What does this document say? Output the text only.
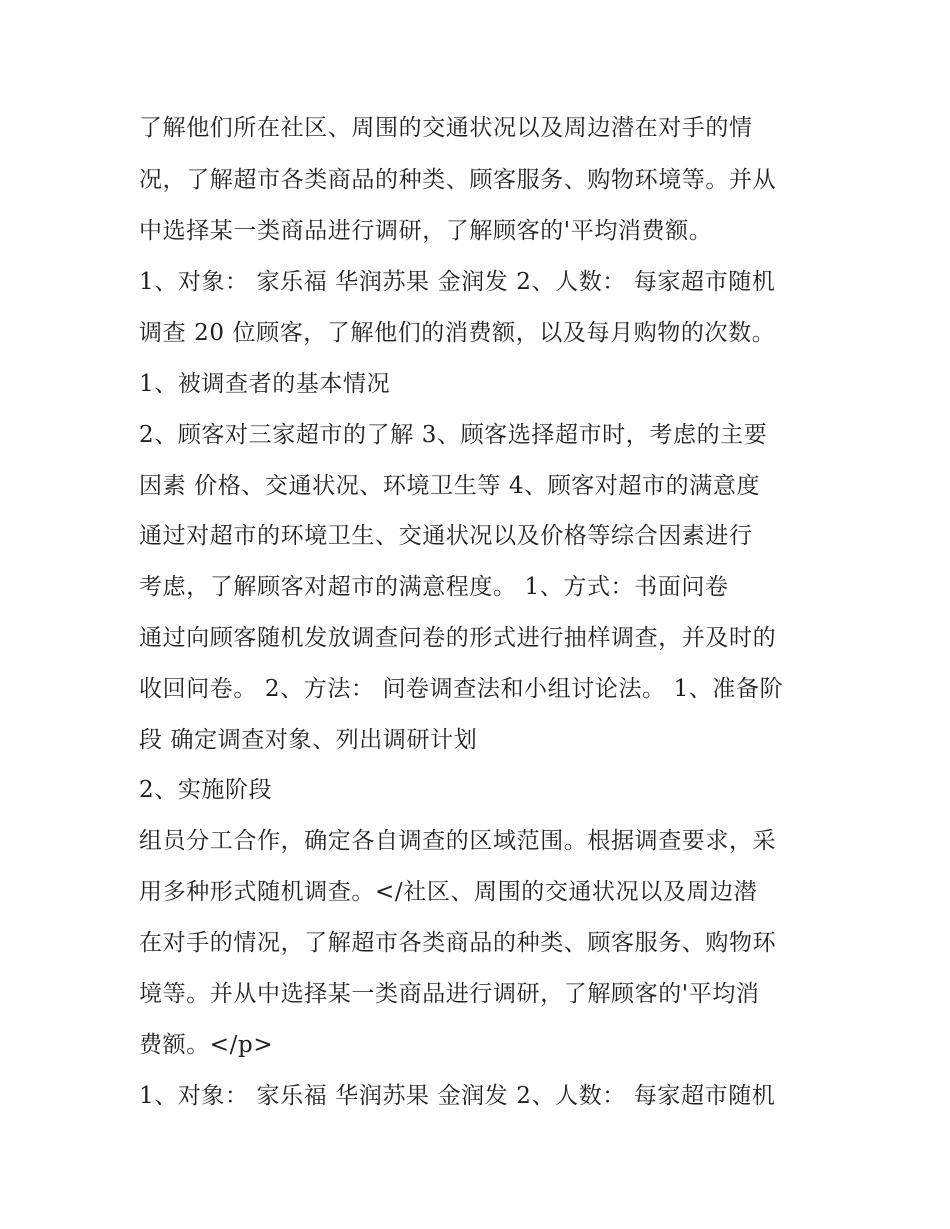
了解他们所在社区、周围的交通状况以及周边潜在对手的情
况，了解超市各类商品的种类、顾客服务、购物环境等。并从
中选择某一类商品进行调研，了解顾客的'平均消费额。
1、对象： 家乐福 华润苏果 金润发 2、人数： 每家超市随机
调查 20 位顾客，了解他们的消费额，以及每月购物的次数。
1、被调查者的基本情况
2、顾客对三家超市的了解 3、顾客选择超市时，考虑的主要
因素 价格、交通状况、环境卫生等 4、顾客对超市的满意度
通过对超市的环境卫生、交通状况以及价格等综合因素进行
考虑，了解顾客对超市的满意程度。 1、方式：书面问卷
通过向顾客随机发放调查问卷的形式进行抽样调查，并及时的
收回问卷。 2、方法： 问卷调查法和小组讨论法。 1、准备阶
段 确定调查对象、列出调研计划
2、实施阶段
组员分工合作，确定各自调查的区域范围。根据调查要求，采
用多种形式随机调查。</社区、周围的交通状况以及周边潜
在对手的情况，了解超市各类商品的种类、顾客服务、购物环
境等。并从中选择某一类商品进行调研，了解顾客的'平均消
费额。</p>
1、对象： 家乐福 华润苏果 金润发 2、人数： 每家超市随机
